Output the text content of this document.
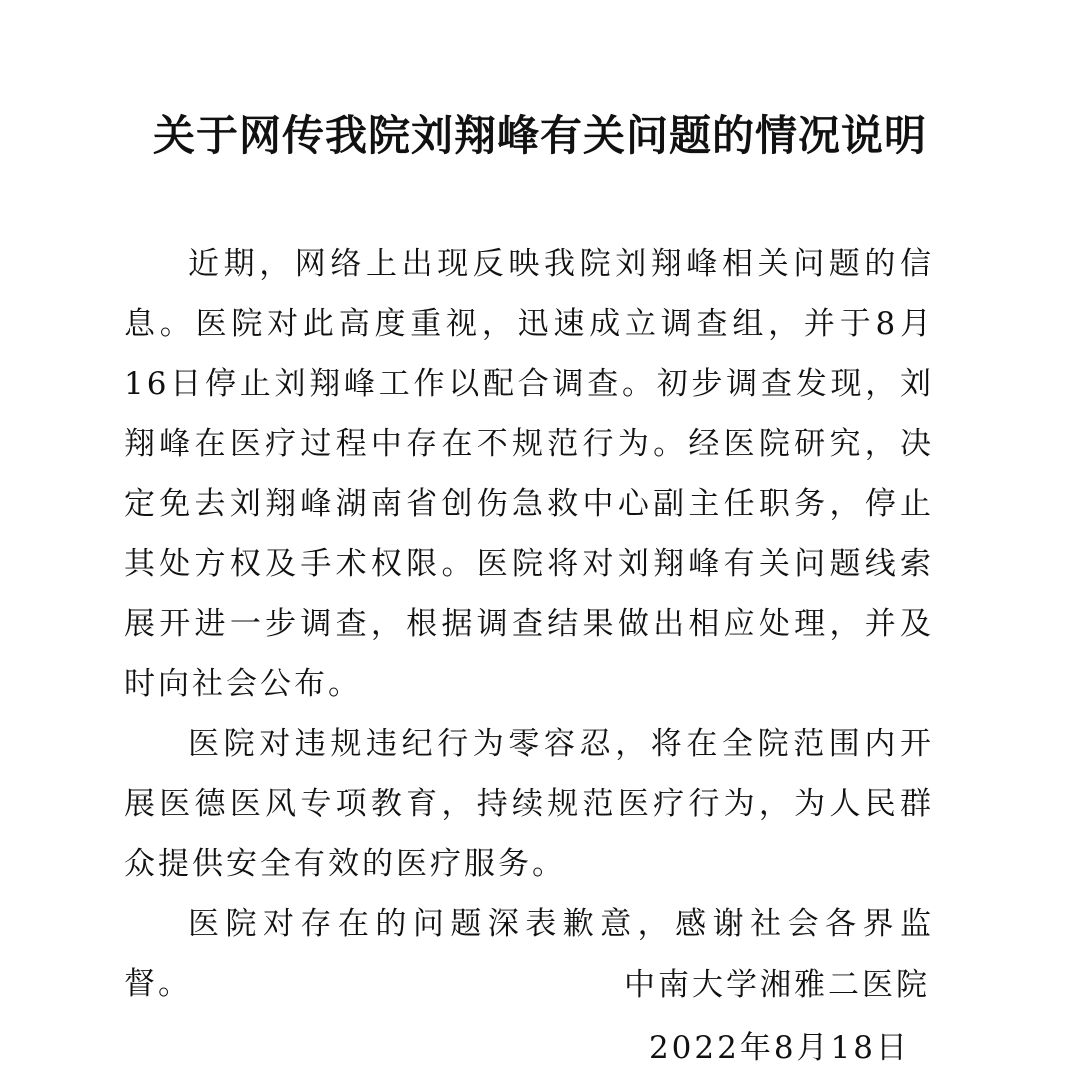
关于网传我院刘翔峰有关问题的情况说明

近期，网络上出现反映我院刘翔峰相关问题的信息。医院对此高度重视，迅速成立调查组，并于8月16日停止刘翔峰工作以配合调查。初步调查发现，刘翔峰在医疗过程中存在不规范行为。经医院研究，决定免去刘翔峰湖南省创伤急救中心副主任职务，停止其处方权及手术权限。医院将对刘翔峰有关问题线索展开进一步调查，根据调查结果做出相应处理，并及时向社会公布。

医院对违规违纪行为零容忍，将在全院范围内开展医德医风专项教育，持续规范医疗行为，为人民群众提供安全有效的医疗服务。

医院对存在的问题深表歉意，感谢社会各界监督。	中南大学湘雅二医院
2022年8月18日
